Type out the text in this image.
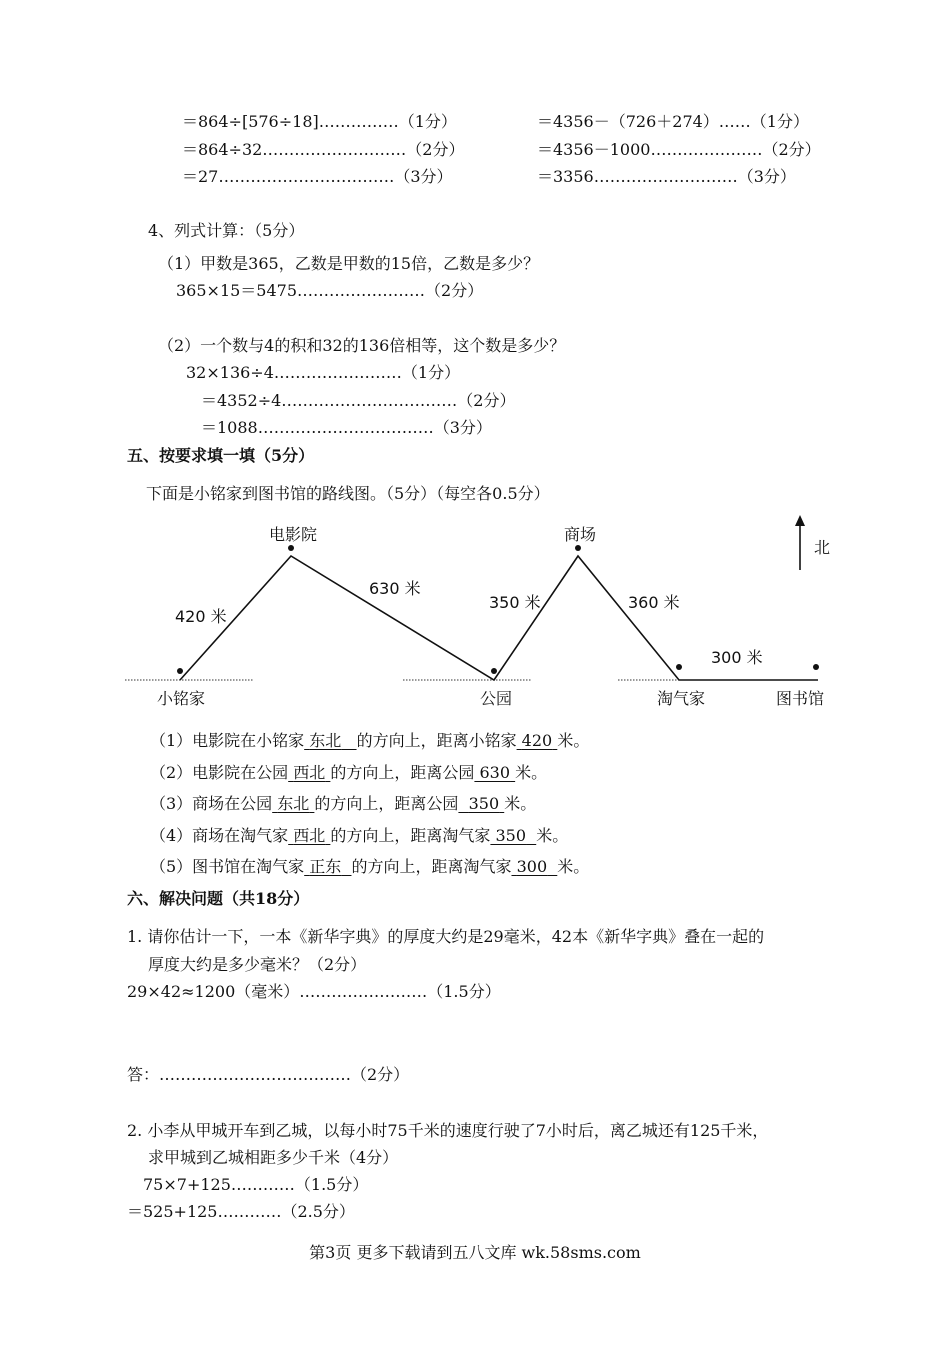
＝864÷[576÷18]……………（1分）
＝864÷32………………………（2分）
＝27……………………………（3分）
＝4356－（726＋274）……（1分）
＝4356－1000…………………（2分）
＝3356………………………（3分）
4、列式计算：（5分）
（1）甲数是365，乙数是甲数的15倍，乙数是多少？
365×15＝5475……………………（2分）
（2）一个数与4的积和32的136倍相等，这个数是多少？
32×136÷4……………………（1分）
＝4352÷4……………………………（2分）
＝1088……………………………（3分）
五、按要求填一填（5分）
下面是小铭家到图书馆的路线图。（5分）（每空各0.5分）
电影院	商场
北
420 米
630 米
350 米	360 米
300 米
小铭家	公园	淘气家	图书馆
（1）电影院在小铭家 东北 的方向上，距离小铭家 420 米。
（2）电影院在公园 西北 的方向上，距离公园 630 米。
（3）商场在公园 东北 的方向上，距离公园 350 米。
（4）商场在淘气家 西北 的方向上，距离淘气家 350 米。
（5）图书馆在淘气家 正东 的方向上，距离淘气家 300 米。
六、解决问题（共18分）
1. 请你估计一下，一本《新华字典》的厚度大约是29毫米，42本《新华字典》叠在一起的
厚度大约是多少毫米？（2分）
29×42≈1200（毫米）……………………（1.5分）
答：………………………………（2分）
2. 小李从甲城开车到乙城，以每小时75千米的速度行驶了7小时后，离乙城还有125千米，
求甲城到乙城相距多少千米（4分）
75×7+125…………（1.5分）
＝525+125…………（2.5分）
第3页 更多下载请到五八文库 wk.58sms.com
